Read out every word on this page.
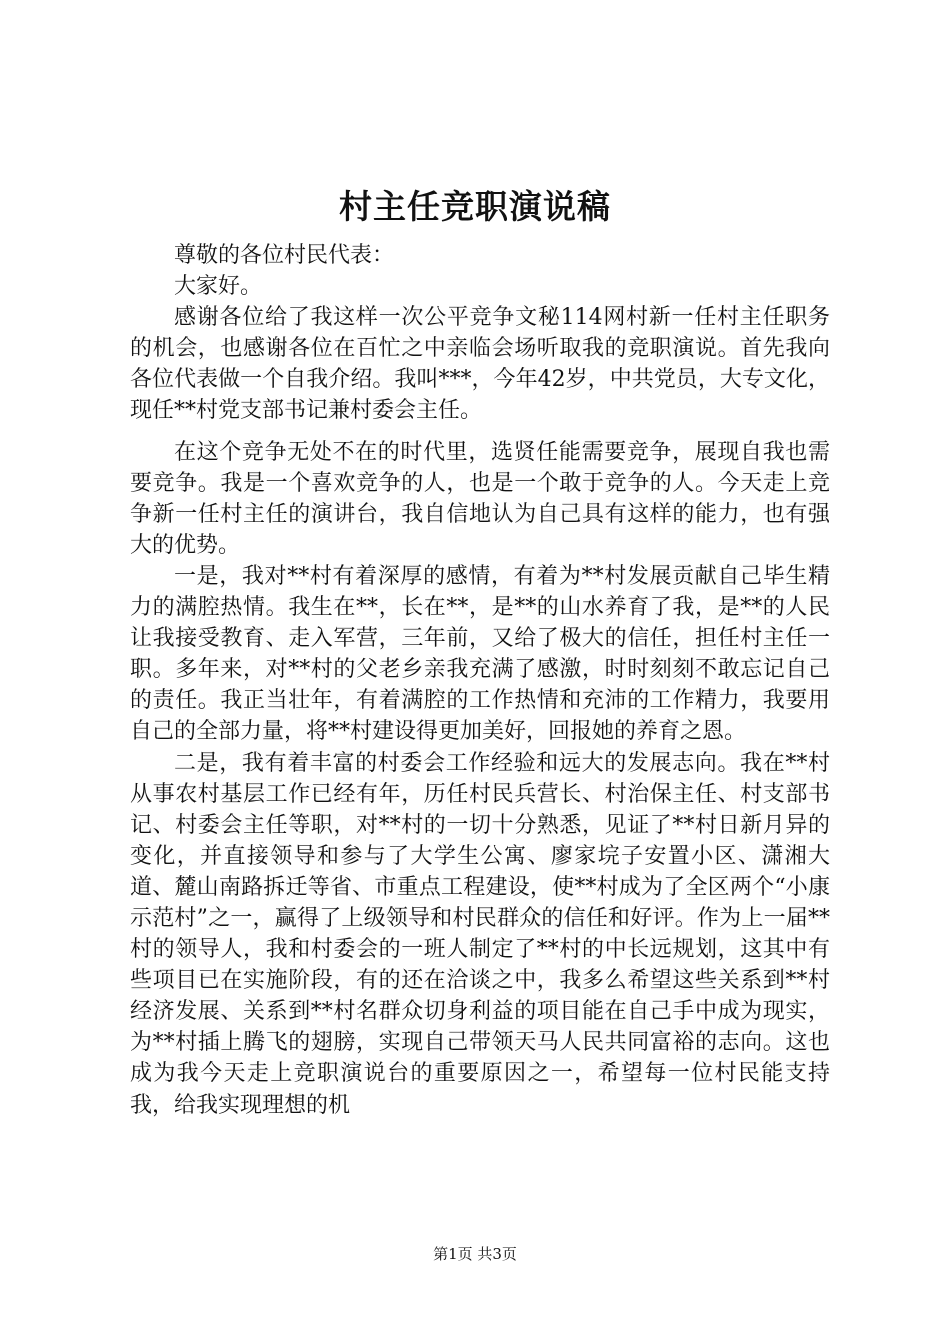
村主任竞职演说稿

尊敬的各位村民代表：

大家好。

感谢各位给了我这样一次公平竞争文秘114网村新一任村主任职务的机会，也感谢各位在百忙之中亲临会场听取我的竞职演说。首先我向各位代表做一个自我介绍。我叫***，今年42岁，中共党员，大专文化，现任**村党支部书记兼村委会主任。

在这个竞争无处不在的时代里，选贤任能需要竞争，展现自我也需要竞争。我是一个喜欢竞争的人，也是一个敢于竞争的人。今天走上竞争新一任村主任的演讲台，我自信地认为自己具有这样的能力，也有强大的优势。

一是，我对**村有着深厚的感情，有着为**村发展贡献自己毕生精力的满腔热情。我生在**，长在**，是**的山水养育了我，是**的人民让我接受教育、走入军营，三年前，又给了极大的信任，担任村主任一职。多年来，对**村的父老乡亲我充满了感激，时时刻刻不敢忘记自己的责任。我正当壮年，有着满腔的工作热情和充沛的工作精力，我要用自己的全部力量，将**村建设得更加美好，回报她的养育之恩。

二是，我有着丰富的村委会工作经验和远大的发展志向。我在**村从事农村基层工作已经有年，历任村民兵营长、村治保主任、村支部书记、村委会主任等职，对**村的一切十分熟悉，见证了**村日新月异的变化，并直接领导和参与了大学生公寓、廖家垸子安置小区、潇湘大道、麓山南路拆迁等省、市重点工程建设，使**村成为了全区两个“小康示范村”之一，赢得了上级领导和村民群众的信任和好评。作为上一届**村的领导人，我和村委会的一班人制定了**村的中长远规划，这其中有些项目已在实施阶段，有的还在洽谈之中，我多么希望这些关系到**村经济发展、关系到**村名群众切身利益的项目能在自己手中成为现实，为**村插上腾飞的翅膀，实现自己带领天马人民共同富裕的志向。这也成为我今天走上竞职演说台的重要原因之一，希望每一位村民能支持我，给我实现理想的机

第1页 共3页
